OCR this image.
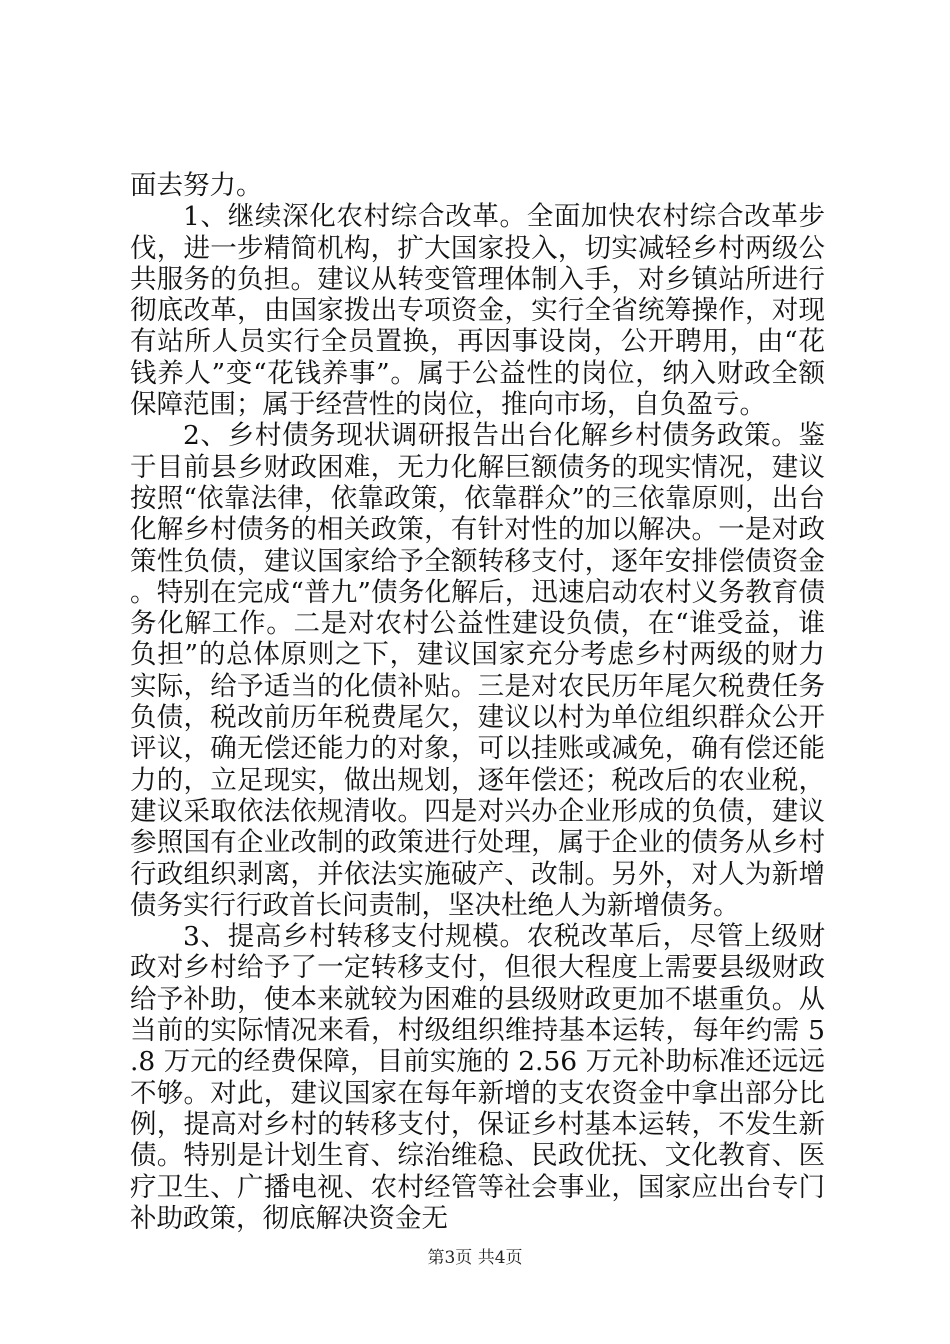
面去努力。

1、继续深化农村综合改革。全面加快农村综合改革步伐，进一步精简机构，扩大国家投入，切实减轻乡村两级公共服务的负担。建议从转变管理体制入手，对乡镇站所进行彻底改革，由国家拨出专项资金，实行全省统筹操作，对现有站所人员实行全员置换，再因事设岗，公开聘用，由“花钱养人”变“花钱养事”。属于公益性的岗位，纳入财政全额保障范围；属于经营性的岗位，推向市场，自负盈亏。

2、乡村债务现状调研报告出台化解乡村债务政策。鉴于目前县乡财政困难，无力化解巨额债务的现实情况，建议按照“依靠法律，依靠政策，依靠群众”的三依靠原则，出台化解乡村债务的相关政策，有针对性的加以解决。一是对政策性负债，建议国家给予全额转移支付，逐年安排偿债资金。特别在完成“普九”债务化解后，迅速启动农村义务教育债务化解工作。二是对农村公益性建设负债，在“谁受益，谁负担”的总体原则之下，建议国家充分考虑乡村两级的财力实际，给予适当的化债补贴。三是对农民历年尾欠税费任务负债，税改前历年税费尾欠，建议以村为单位组织群众公开评议，确无偿还能力的对象，可以挂账或减免，确有偿还能力的，立足现实，做出规划，逐年偿还；税改后的农业税，建议采取依法依规清收。四是对兴办企业形成的负债，建议参照国有企业改制的政策进行处理，属于企业的债务从乡村行政组织剥离，并依法实施破产、改制。另外，对人为新增债务实行行政首长问责制，坚决杜绝人为新增债务。

3、提高乡村转移支付规模。农税改革后，尽管上级财政对乡村给予了一定转移支付，但很大程度上需要县级财政给予补助，使本来就较为困难的县级财政更加不堪重负。从当前的实际情况来看，村级组织维持基本运转，每年约需 5.8 万元的经费保障，目前实施的 2.56 万元补助标准还远远不够。对此，建议国家在每年新增的支农资金中拿出部分比例，提高对乡村的转移支付，保证乡村基本运转，不发生新债。特别是计划生育、综治维稳、民政优抚、文化教育、医疗卫生、广播电视、农村经管等社会事业，国家应出台专门补助政策，彻底解决资金无

第3页 共4页
